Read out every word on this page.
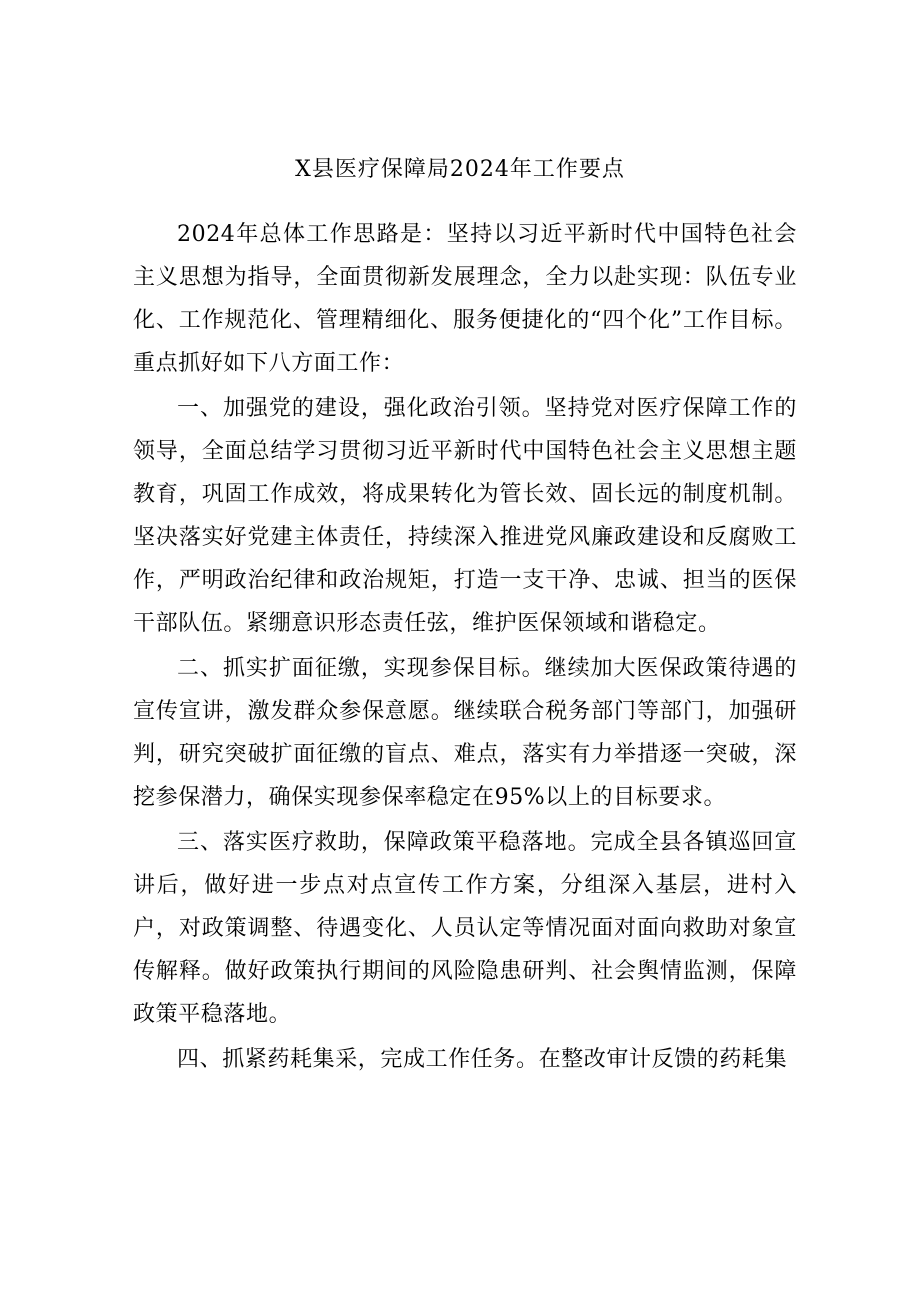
X县医疗保障局2024年工作要点

2024年总体工作思路是：坚持以习近平新时代中国特色社会主义思想为指导，全面贯彻新发展理念，全力以赴实现：队伍专业化、工作规范化、管理精细化、服务便捷化的“四个化”工作目标。重点抓好如下八方面工作：

一、加强党的建设，强化政治引领。坚持党对医疗保障工作的领导，全面总结学习贯彻习近平新时代中国特色社会主义思想主题教育，巩固工作成效，将成果转化为管长效、固长远的制度机制。坚决落实好党建主体责任，持续深入推进党风廉政建设和反腐败工作，严明政治纪律和政治规矩，打造一支干净、忠诚、担当的医保干部队伍。紧绷意识形态责任弦，维护医保领域和谐稳定。

二、抓实扩面征缴，实现参保目标。继续加大医保政策待遇的宣传宣讲，激发群众参保意愿。继续联合税务部门等部门，加强研判，研究突破扩面征缴的盲点、难点，落实有力举措逐一突破，深挖参保潜力，确保实现参保率稳定在95%以上的目标要求。

三、落实医疗救助，保障政策平稳落地。完成全县各镇巡回宣讲后，做好进一步点对点宣传工作方案，分组深入基层，进村入户，对政策调整、待遇变化、人员认定等情况面对面向救助对象宣传解释。做好政策执行期间的风险隐患研判、社会舆情监测，保障政策平稳落地。

四、抓紧药耗集采，完成工作任务。在整改审计反馈的药耗集
